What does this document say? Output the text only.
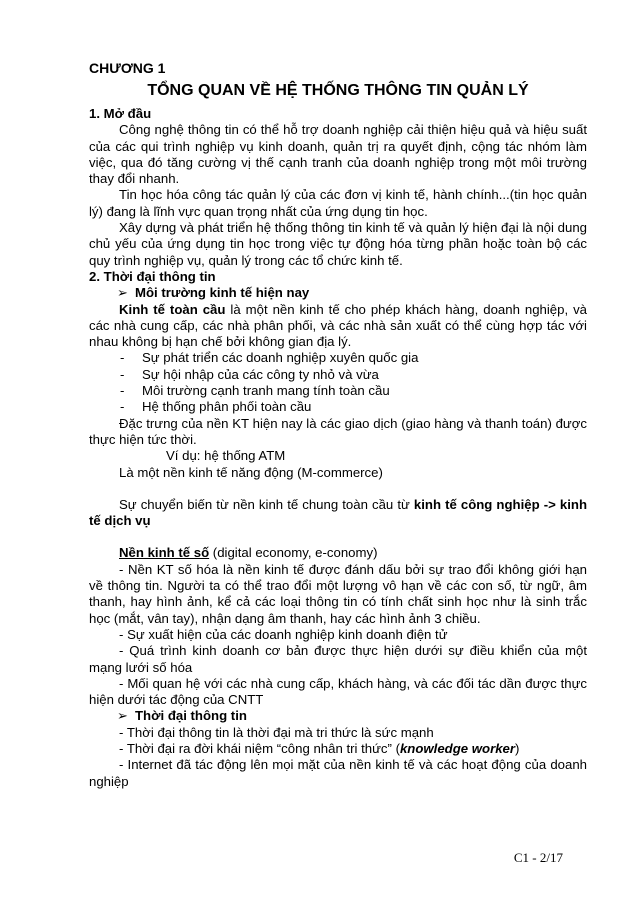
CHƯƠNG 1
TỔNG QUAN VỀ HỆ THỐNG THÔNG TIN QUẢN LÝ
1. Mở đầu

Công nghệ thông tin có thể hỗ trợ doanh nghiệp cải thiện hiệu quả và hiệu suất của các qui trình nghiệp vụ kinh doanh, quản trị ra quyết định, cộng tác nhóm làm việc, qua đó tăng cường vị thế cạnh tranh của doanh nghiệp trong một môi trường thay đổi nhanh.

Tin học hóa công tác quản lý của các đơn vị kinh tế, hành chính...(tin học quản lý) đang là lĩnh vực quan trọng nhất của ứng dụng tin học.

Xây dựng và phát triển hệ thống thông tin kinh tế và quản lý hiện đại là nội dung chủ yếu của ứng dụng tin học trong việc tự động hóa từng phần hoặc toàn bộ các quy trình nghiệp vụ, quản lý trong các tổ chức kinh tế.

2. Thời đại thông tin
➢ Môi trường kinh tế hiện nay

Kinh tế toàn cầu là một nền kinh tế cho phép khách hàng, doanh nghiệp, và các nhà cung cấp, các nhà phân phối, và các nhà sản xuất có thể cùng hợp tác với nhau không bị hạn chế bởi không gian địa lý.

- Sự phát triển các doanh nghiệp xuyên quốc gia
- Sự hội nhập của các công ty nhỏ và vừa
- Môi trường cạnh tranh mang tính toàn cầu
- Hệ thống phân phối toàn cầu

Đặc trưng của nền KT hiện nay là các giao dịch (giao hàng và thanh toán) được thực hiện tức thời.

Ví dụ: hệ thống ATM

Là một nền kinh tế năng động (M-commerce)

Sự chuyển biến từ nền kinh tế chung toàn cầu từ kinh tế công nghiệp -> kinh tế dịch vụ

Nền kinh tế số (digital economy, e-conomy)

- Nền KT số hóa là nền kinh tế được đánh dấu bởi sự trao đổi không giới hạn về thông tin. Người ta có thể trao đổi một lượng vô hạn về các con số, từ ngữ, âm thanh, hay hình ảnh, kể cả các loại thông tin có tính chất sinh học như là sinh trắc học (mắt, vân tay), nhận dạng âm thanh, hay các hình ảnh 3 chiều.

- Sự xuất hiện của các doanh nghiệp kinh doanh điện tử

- Quá trình kinh doanh cơ bản được thực hiện dưới sự điều khiển của một mạng lưới số hóa

- Mối quan hệ với các nhà cung cấp, khách hàng, và các đối tác dần được thực hiện dưới tác động của CNTT

➢ Thời đại thông tin

- Thời đại thông tin là thời đại mà tri thức là sức mạnh

- Thời đại ra đời khái niệm “công nhân tri thức” (knowledge worker)

- Internet đã tác động lên mọi mặt của nền kinh tế và các hoạt động của doanh nghiệp

C1 - 2/17
